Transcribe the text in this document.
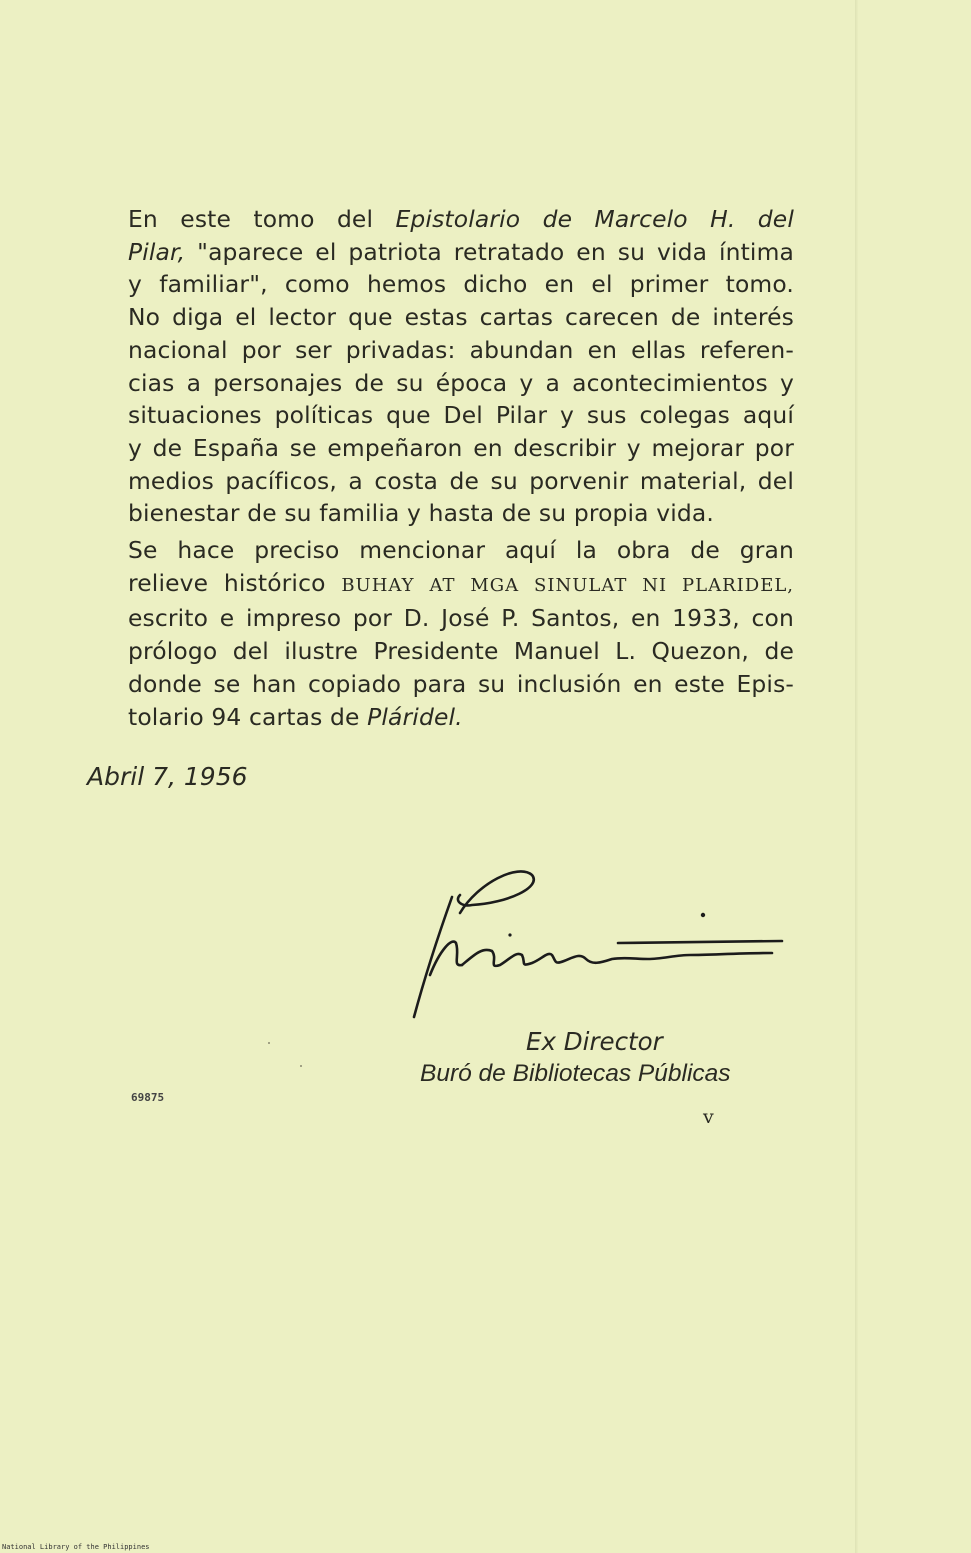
En este tomo del Epistolario de Marcelo H. del
Pilar, "aparece el patriota retratado en su vida íntima
y familiar", como hemos dicho en el primer tomo.
No diga el lector que estas cartas carecen de interés
nacional por ser privadas: abundan en ellas referen-
cias a personajes de su época y a acontecimientos y
situaciones políticas que Del Pilar y sus colegas aquí
y de España se empeñaron en describir y mejorar por
medios pacíficos, a costa de su porvenir material, del
bienestar de su familia y hasta de su propia vida.
Se hace preciso mencionar aquí la obra de gran
relieve histórico BUHAY AT MGA SINULAT NI PLARIDEL,
escrito e impreso por D. José P. Santos, en 1933, con
prólogo del ilustre Presidente Manuel L. Quezon, de
donde se han copiado para su inclusión en este Epis-
tolario 94 cartas de Pláridel.
Abril 7, 1956
Ex Director
Buró de Bibliotecas Públicas
69875
v
National Library of the Philippines
